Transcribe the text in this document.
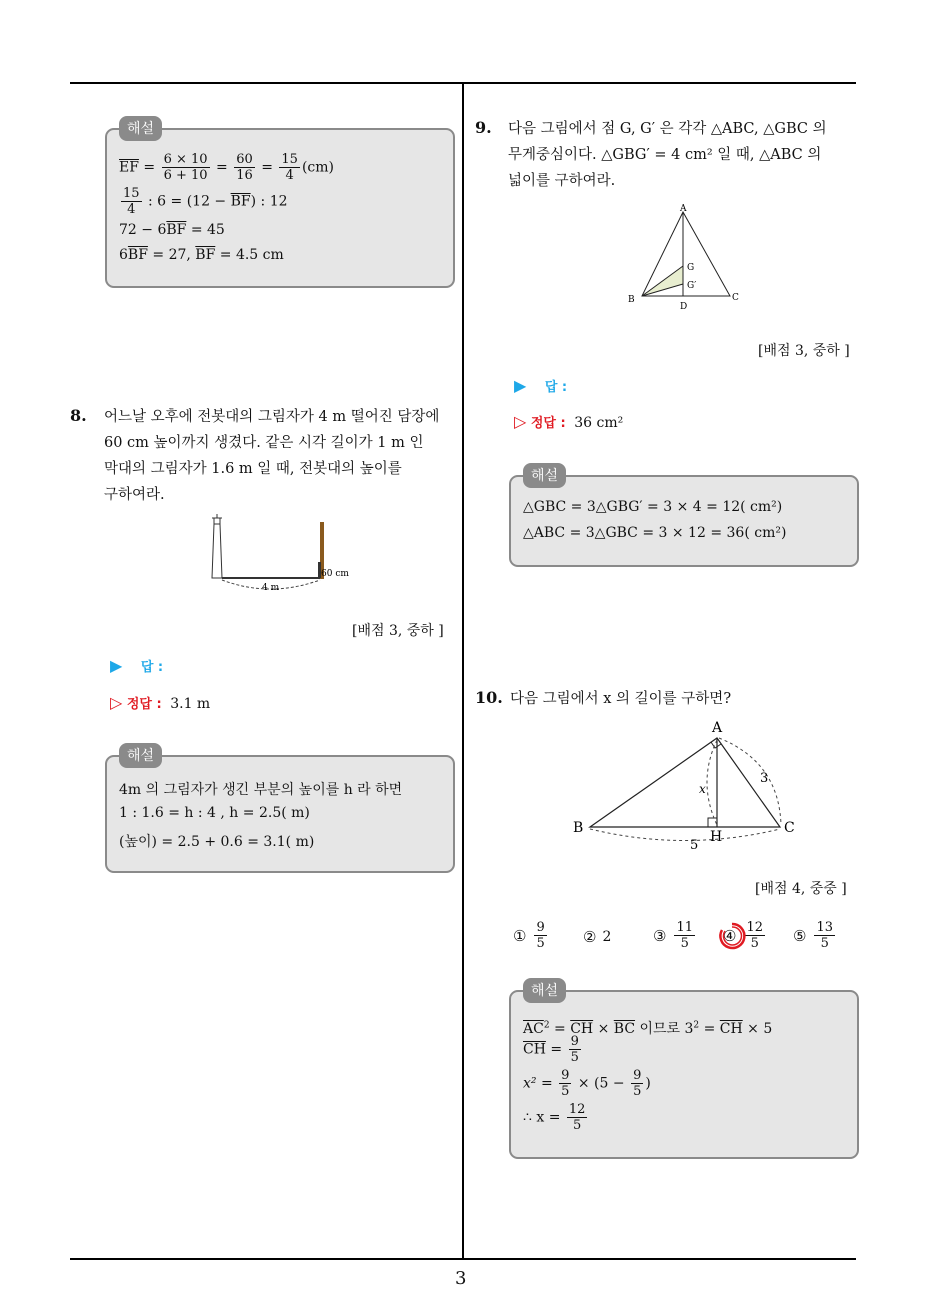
3
$\overline{EF} = \frac{6 \times 10}{6 + 10} = \frac{60}{16} = \frac{15}{4} (cm)$
$\frac{15}{4}$ : $6 = (12 - \overline{BF})$ : 12
$72 - 6\overline{BF} = 45$
$6\overline{BF} = 27$, $\overline{BF} = 4.5$ cm
해설
8. 어느날 오후에 전봇대의 그림자가 4 m 떨어진 담장에
60 cm 높이까지 생겼다. 같은 시각 길이가 1 m 인
막대의 그림자가 1.6 m 일 때, 전봇대의 높이를
구하여라.
60 cm
4 m
[배점 3, 중하 ]
▶ 답 :
▷ 정답 : 3.1 m
4m 의 그림자가 생긴 부분의 높이를 h 라 하면
1 : 1.6 = h : 4 , h = 2.5( m)
(높이) = 2.5 + 0.6 = 3.1( m)
해설
9. 다음 그림에서 점 G, G′ 은 각각 △ABC, △GBC 의
무게중심이다. △GBG′ = 4 cm² 일 때, △ABC 의
넓이를 구하여라.
A
B	C
D
G
G′
[배점 3, 중하 ]
▶ 답 :
▷ 정답 : 36 cm²
△GBC = 3△GBG′ = 3 × 4 = 12( cm²)
△ABC = 3△GBC = 3 × 12 = 36( cm²)
해설
10. 다음 그림에서 x 의 길이를 구하면?
A
B	C
H
x
3
5
[배점 4, 중중 ]
① $\frac{9}{5}$ ② 2	③ $\frac{11}{5}$ ④ $\frac{12}{5}$ ⑤ $\frac{13}{5}$
$\overline{AC}^2 = \overline{CH} \times \overline{BC}$ 이므로 $3^2 = \overline{CH} \times 5$
$\overline{CH} = \frac{9}{5}$
$x^2 = \frac{9}{5} \times (5 - \frac{9}{5}$ )
∴ $x = \frac{12}{5}$
해설
